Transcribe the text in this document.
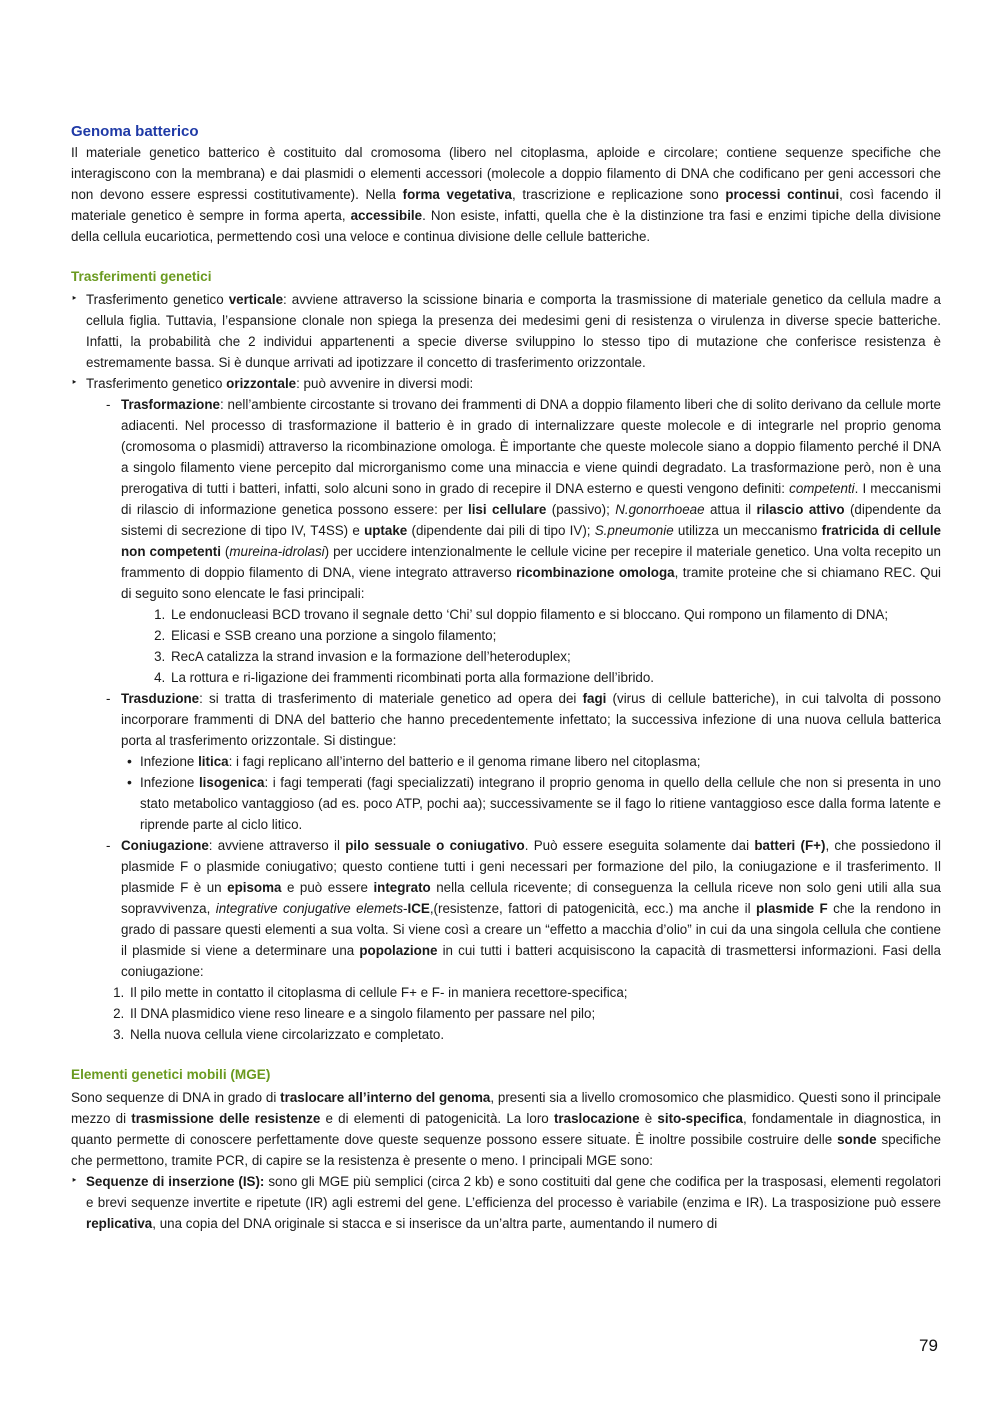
Genoma batterico

Il materiale genetico batterico è costituito dal cromosoma (libero nel citoplasma, aploide e circolare; contiene sequenze specifiche che interagiscono con la membrana) e dai plasmidi o elementi accessori (molecole a doppio filamento di DNA che codificano per geni accessori che non devono essere espressi costitutivamente). Nella forma vegetativa, trascrizione e replicazione sono processi continui, così facendo il materiale genetico è sempre in forma aperta, accessibile. Non esiste, infatti, quella che è la distinzione tra fasi e enzimi tipiche della divisione della cellula eucariotica, permettendo così una veloce e continua divisione delle cellule batteriche.

Trasferimenti genetici
‣ Trasferimento genetico verticale: avviene attraverso la scissione binaria e comporta la trasmissione di materiale genetico da cellula madre a cellula figlia. Tuttavia, l’espansione clonale non spiega la presenza dei medesimi geni di resistenza o virulenza in diverse specie batteriche. Infatti, la probabilità che 2 individui appartenenti a specie diverse sviluppino lo stesso tipo di mutazione che conferisce resistenza è estremamente bassa. Si è dunque arrivati ad ipotizzare il concetto di trasferimento orizzontale.
‣ Trasferimento genetico orizzontale: può avvenire in diversi modi:
- Trasformazione: nell’ambiente circostante si trovano dei frammenti di DNA a doppio filamento liberi che di solito derivano da cellule morte adiacenti. Nel processo di trasformazione il batterio è in grado di internalizzare queste molecole e di integrarle nel proprio genoma (cromosoma o plasmidi) attraverso la ricombinazione omologa. È importante che queste molecole siano a doppio filamento perché il DNA a singolo filamento viene percepito dal microrganismo come una minaccia e viene quindi degradato. La trasformazione però, non è una prerogativa di tutti i batteri, infatti, solo alcuni sono in grado di recepire il DNA esterno e questi vengono definiti: competenti. I meccanismi di rilascio di informazione genetica possono essere: per lisi cellulare (passivo); N.gonorrhoeae attua il rilascio attivo (dipendente da sistemi di secrezione di tipo IV, T4SS) e uptake (dipendente dai pili di tipo IV); S.pneumonie utilizza un meccanismo fratricida di cellule non competenti (mureina-idrolasi) per uccidere intenzionalmente le cellule vicine per recepire il materiale genetico. Una volta recepito un frammento di doppio filamento di DNA, viene integrato attraverso ricombinazione omologa, tramite proteine che si chiamano REC. Qui di seguito sono elencate le fasi principali:
1. Le endonucleasi BCD trovano il segnale detto ‘Chi’ sul doppio filamento e si bloccano. Qui rompono un filamento di DNA;
2. Elicasi e SSB creano una porzione a singolo filamento;
3. RecA catalizza la strand invasion e la formazione dell’heteroduplex;
4. La rottura e ri-ligazione dei frammenti ricombinati porta alla formazione dell’ibrido.
- Trasduzione: si tratta di trasferimento di materiale genetico ad opera dei fagi (virus di cellule batteriche), in cui talvolta di possono incorporare frammenti di DNA del batterio che hanno precedentemente infettato; la successiva infezione di una nuova cellula batterica porta al trasferimento orizzontale. Si distingue:
• Infezione litica: i fagi replicano all’interno del batterio e il genoma rimane libero nel citoplasma;
• Infezione lisogenica: i fagi temperati (fagi specializzati) integrano il proprio genoma in quello della cellule che non si presenta in uno stato metabolico vantaggioso (ad es. poco ATP, pochi aa); successivamente se il fago lo ritiene vantaggioso esce dalla forma latente e riprende parte al ciclo litico.
- Coniugazione: avviene attraverso il pilo sessuale o coniugativo. Può essere eseguita solamente dai batteri (F+), che possiedono il plasmide F o plasmide coniugativo; questo contiene tutti i geni necessari per formazione del pilo, la coniugazione e il trasferimento. Il plasmide F è un episoma e può essere integrato nella cellula ricevente; di conseguenza la cellula riceve non solo geni utili alla sua sopravvivenza, integrative conjugative elemets-ICE,(resistenze, fattori di patogenicità, ecc.) ma anche il plasmide F che la rendono in grado di passare questi elementi a sua volta. Si viene così a creare un “effetto a macchia d’olio” in cui da una singola cellula che contiene il plasmide si viene a determinare una popolazione in cui tutti i batteri acquisiscono la capacità di trasmettersi informazioni. Fasi della coniugazione:
1. Il pilo mette in contatto il citoplasma di cellule F+ e F- in maniera recettore-specifica;
2. Il DNA plasmidico viene reso lineare e a singolo filamento per passare nel pilo;
3. Nella nuova cellula viene circolarizzato e completato.
Elementi genetici mobili (MGE)

Sono sequenze di DNA in grado di traslocare all’interno del genoma, presenti sia a livello cromosomico che plasmidico. Questi sono il principale mezzo di trasmissione delle resistenze e di elementi di patogenicità. La loro traslocazione è sito-specifica, fondamentale in diagnostica, in quanto permette di conoscere perfettamente dove queste sequenze possono essere situate. È inoltre possibile costruire delle sonde specifiche che permettono, tramite PCR, di capire se la resistenza è presente o meno. I principali MGE sono:

‣ Sequenze di inserzione (IS): sono gli MGE più semplici (circa 2 kb) e sono costituiti dal gene che codifica per la trasposasi, elementi regolatori e brevi sequenze invertite e ripetute (IR) agli estremi del gene. L’efficienza del processo è variabile (enzima e IR). La trasposizione può essere replicativa, una copia del DNA originale si stacca e si inserisce da un’altra parte, aumentando il numero di
79
